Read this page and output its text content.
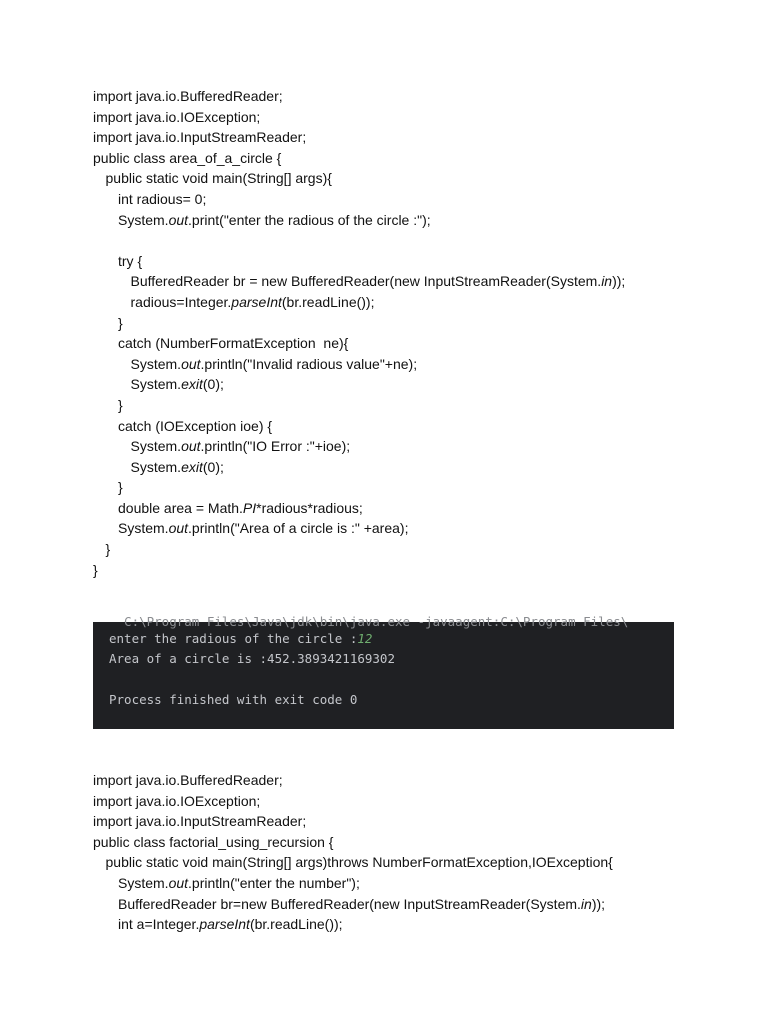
import java.io.BufferedReader;
import java.io.IOException;
import java.io.InputStreamReader;
public class area_of_a_circle {
public static void main(String[] args){
int radious= 0;
System.out.print("enter the radious of the circle :");
try {
BufferedReader br = new BufferedReader(new InputStreamReader(System.in));
radious=Integer.parseInt(br.readLine());
}
catch (NumberFormatException  ne){
System.out.println("Invalid radious value"+ne);
System.exit(0);
}
catch (IOException ioe) {
System.out.println("IO Error :"+ioe);
System.exit(0);
}
double area = Math.PI*radious*radious;
System.out.println("Area of a circle is :" +area);
}
}
C:\Program Files\Java\jdk\bin\java.exe -javaagent:C:\Program Files\
enter the radious of the circle :12
Area of a circle is :452.3893421169302
Process finished with exit code 0
import java.io.BufferedReader;
import java.io.IOException;
import java.io.InputStreamReader;
public class factorial_using_recursion {
public static void main(String[] args)throws NumberFormatException,IOException{
System.out.println("enter the number");
BufferedReader br=new BufferedReader(new InputStreamReader(System.in));
int a=Integer.parseInt(br.readLine());
